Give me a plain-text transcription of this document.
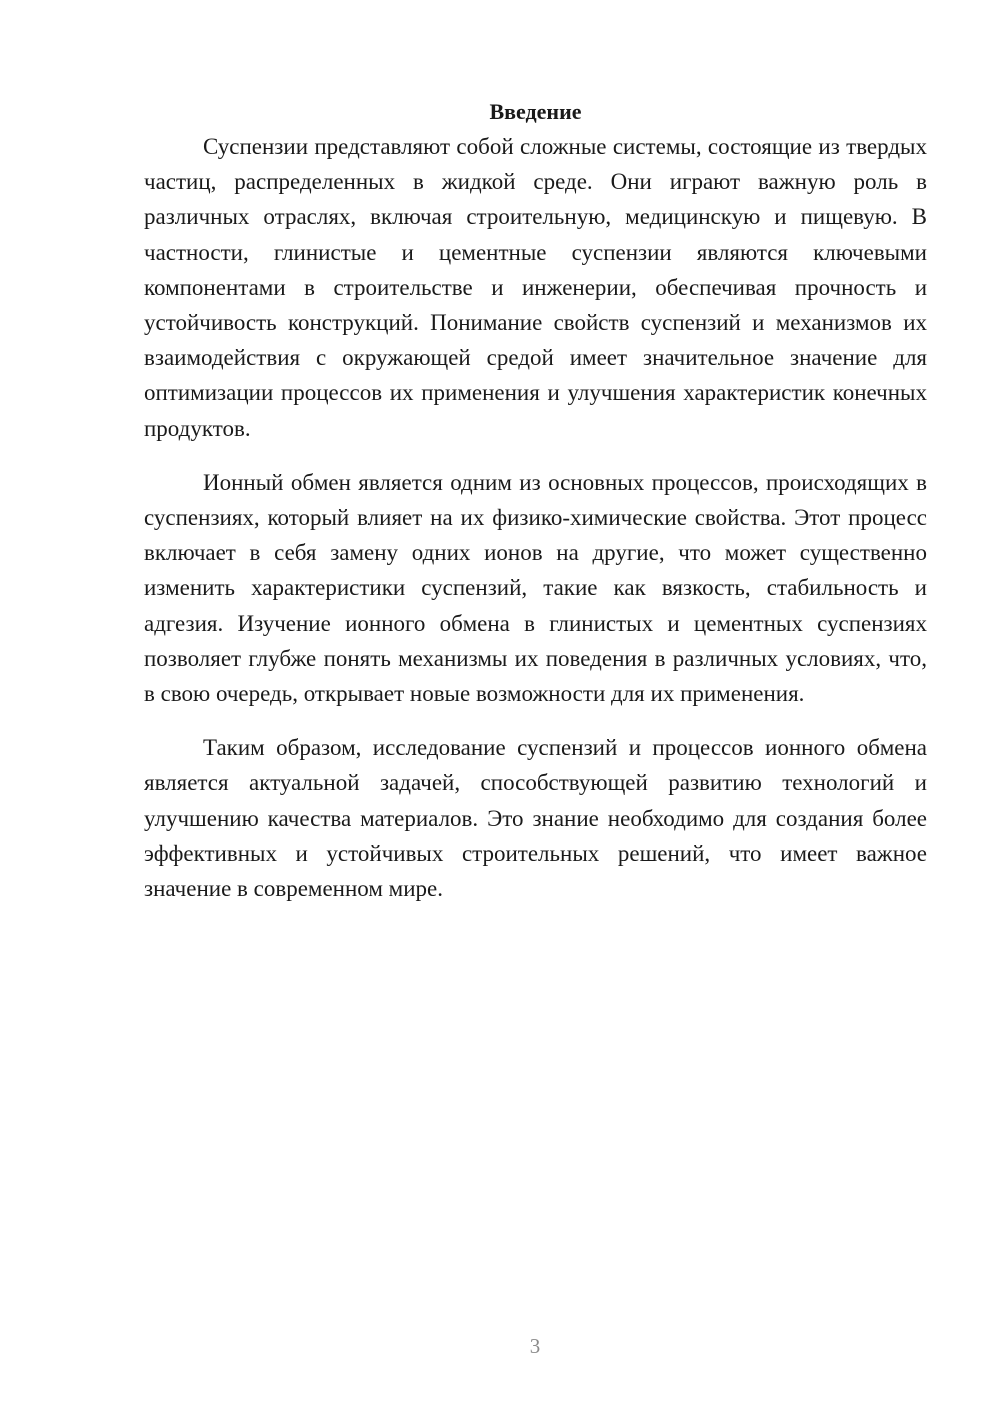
Введение

Суспензии представляют собой сложные системы, состоящие из твердых частиц, распределенных в жидкой среде. Они играют важную роль в различных отраслях, включая строительную, медицинскую и пищевую. В частности, глинистые и цементные суспензии являются ключевыми компонентами в строительстве и инженерии, обеспечивая прочность и устойчивость конструкций. Понимание свойств суспензий и механизмов их взаимодействия с окружающей средой имеет значительное значение для оптимизации процессов их применения и улучшения характеристик конечных продуктов.

Ионный обмен является одним из основных процессов, происходящих в суспензиях, который влияет на их физико-химические свойства. Этот процесс включает в себя замену одних ионов на другие, что может существенно изменить характеристики суспензий, такие как вязкость, стабильность и адгезия. Изучение ионного обмена в глинистых и цементных суспензиях позволяет глубже понять механизмы их поведения в различных условиях, что, в свою очередь, открывает новые возможности для их применения.

Таким образом, исследование суспензий и процессов ионного обмена является актуальной задачей, способствующей развитию технологий и улучшению качества материалов. Это знание необходимо для создания более эффективных и устойчивых строительных решений, что имеет важное значение в современном мире.

3
